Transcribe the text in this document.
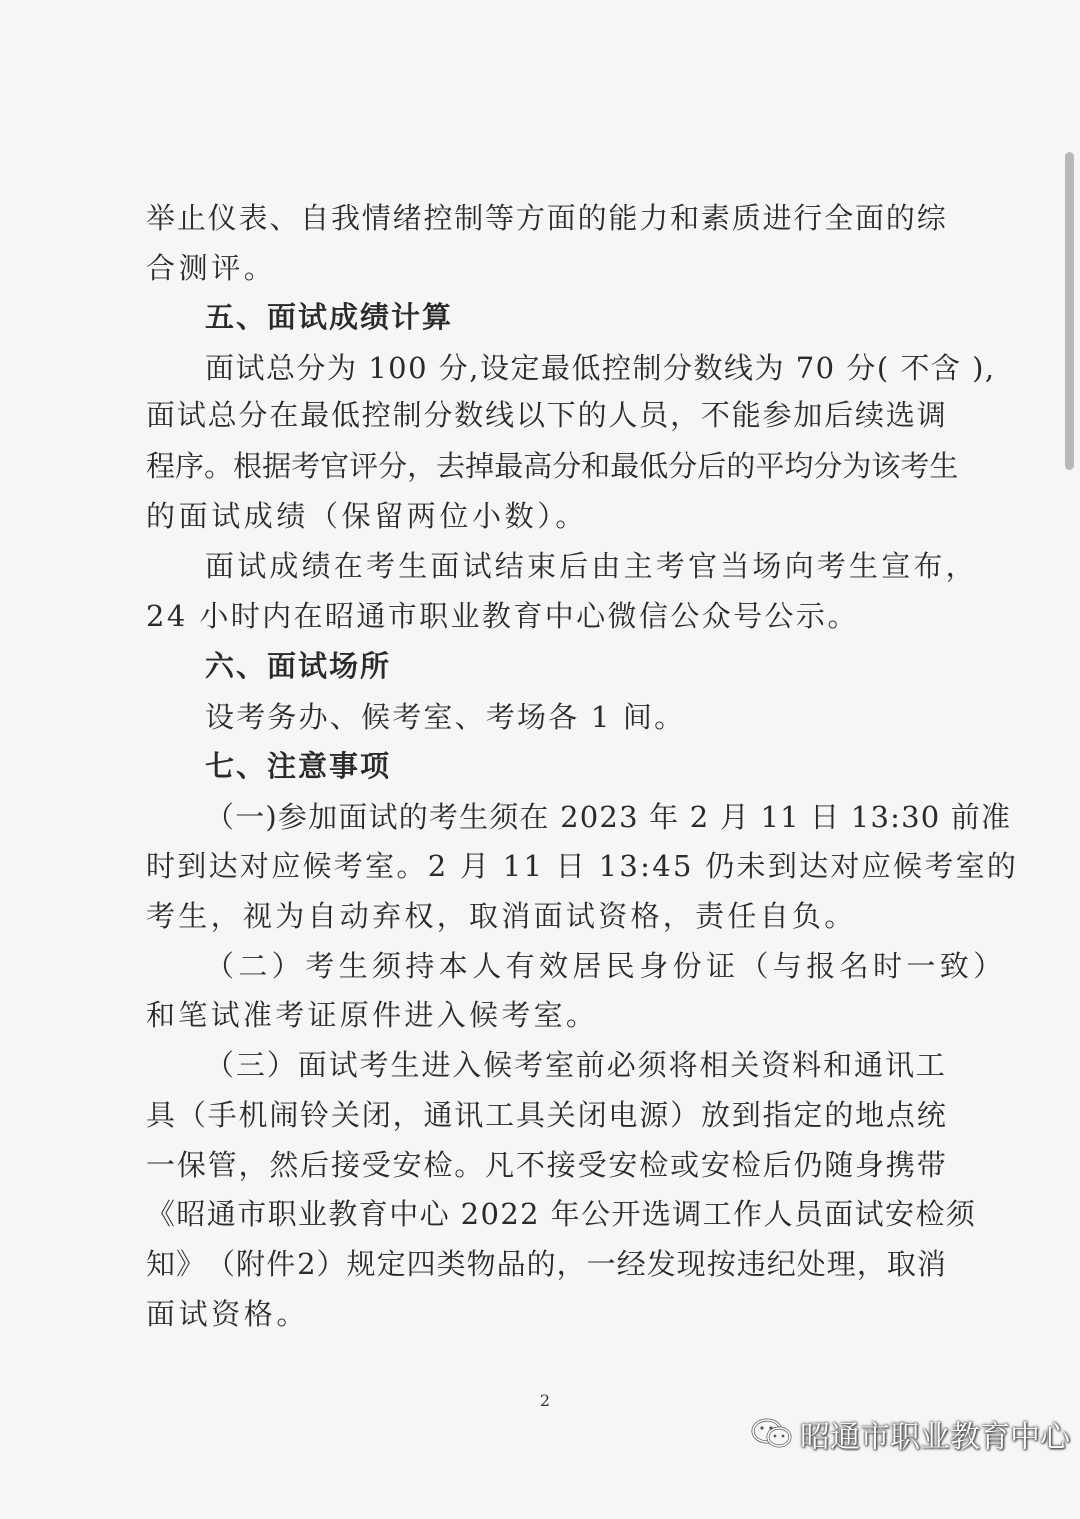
举 止 仪 表 、 自 我 情 绪 控 制 等 方 面 的 能 力 和 素 质 进 行 全 面 的 综
合测评。
五、面试成绩计算
面试总分为 100 分,设定最低控制分数线为 70 分( 不含 ),
面 试 总 分 在 最 低 控 制 分 数 线 以 下 的 人 员 ， 不 能 参 加 后 续 选 调
程 序 。 根 据 考 官 评 分 ， 去 掉 最 高 分 和 最 低 分 后 的 平 均 分 为 该 考 生
的面试成绩（保留两位小数）。
面试成绩在考生面试结束后由主考官当场向考生宣布，
24 小时内在昭通市职业教育中心微信公众号公示。
六、面试场所
设考务办、候考室、考场各 1 间。
七、注意事项
（一)参加面试的考生须在 2023 年 2 月 11 日 13:30 前准
时到达对应候考室。2 月 11 日 13:45 仍未到达对应候考室的
考生，视为自动弃权，取消面试资格，责任自负。
（二）考生须持本人有效居民身份证（与报名时一致）
和笔试准考证原件进入候考室。
（ 三 ） 面 试 考 生 进 入 候 考 室 前 必 须 将 相 关 资 料 和 通 讯 工
具 （ 手 机 闹 铃 关 闭 ， 通 讯 工 具 关 闭 电 源 ） 放 到 指 定 的 地 点 统
一 保 管 ， 然 后 接 受 安 检 。 凡 不 接 受 安 检 或 安 检 后 仍 随 身 携 带
《昭通市职业教育中心 2022 年公开选调工作人员面试安检须
知 》 （ 附 件 2 ） 规 定 四 类 物 品 的 ， 一 经 发 现 按 违 纪 处 理 ， 取 消
面试资格。
2
昭通市职业教育中心
